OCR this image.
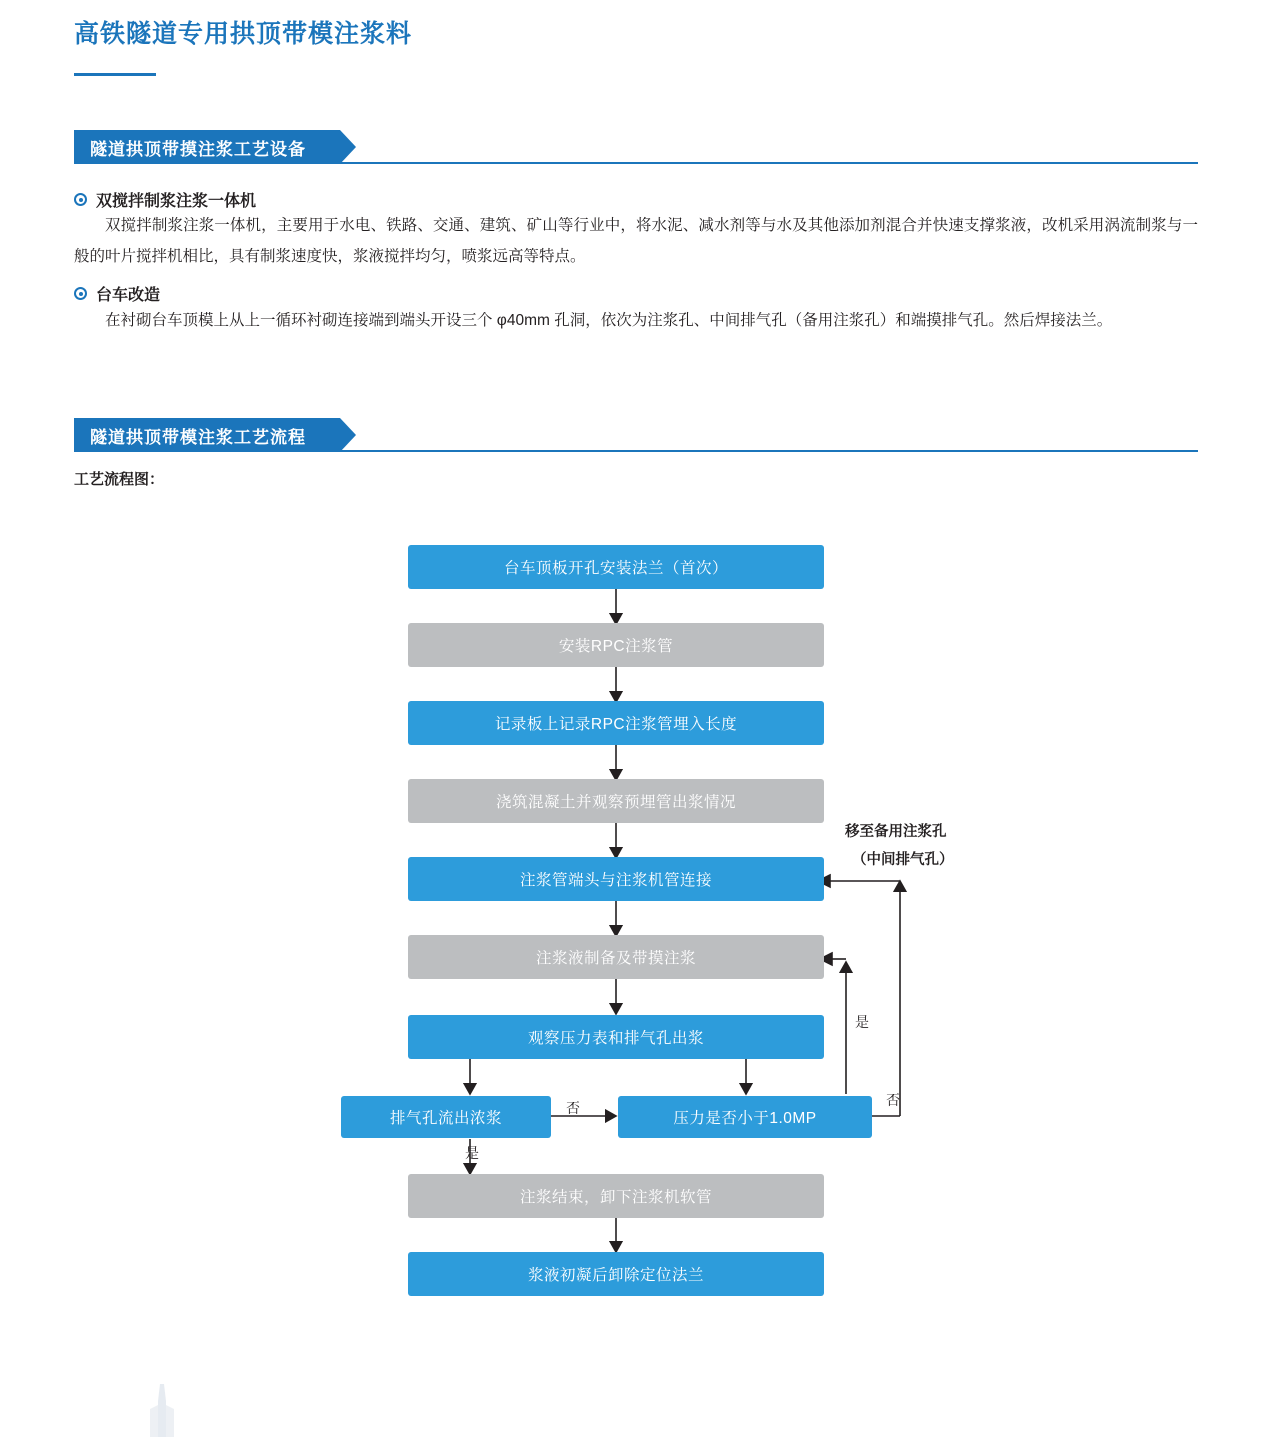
高铁隧道专用拱顶带模注浆料
隧道拱顶带摸注浆工艺设备
双搅拌制浆注浆一体机
双搅拌制浆注浆一体机，主要用于水电、铁路、交通、建筑、矿山等行业中，将水泥、减水剂等与水及其他添加剂混合并快速支撑浆液，改机采用涡流制浆与一般的叶片搅拌机相比，具有制浆速度快，浆液搅拌均匀，喷浆远高等特点。
台车改造
在衬砌台车顶模上从上一循环衬砌连接端到端头开设三个 φ40mm 孔洞，依次为注浆孔、中间排气孔（备用注浆孔）和端摸排气孔。然后焊接法兰。
隧道拱顶带模注浆工艺流程
工艺流程图：
台车顶板开孔安装法兰（首次）
安装RPC注浆管
记录板上记录RPC注浆管埋入长度
浇筑混凝土并观察预埋管出浆情况
注浆管端头与注浆机管连接
注浆液制备及带摸注浆
观察压力表和排气孔出浆
排气孔流出浓浆	压力是否小于1.0MP
注浆结束，卸下注浆机软管
浆液初凝后卸除定位法兰
移至备用注浆孔
（中间排气孔）
否
是
是
否
